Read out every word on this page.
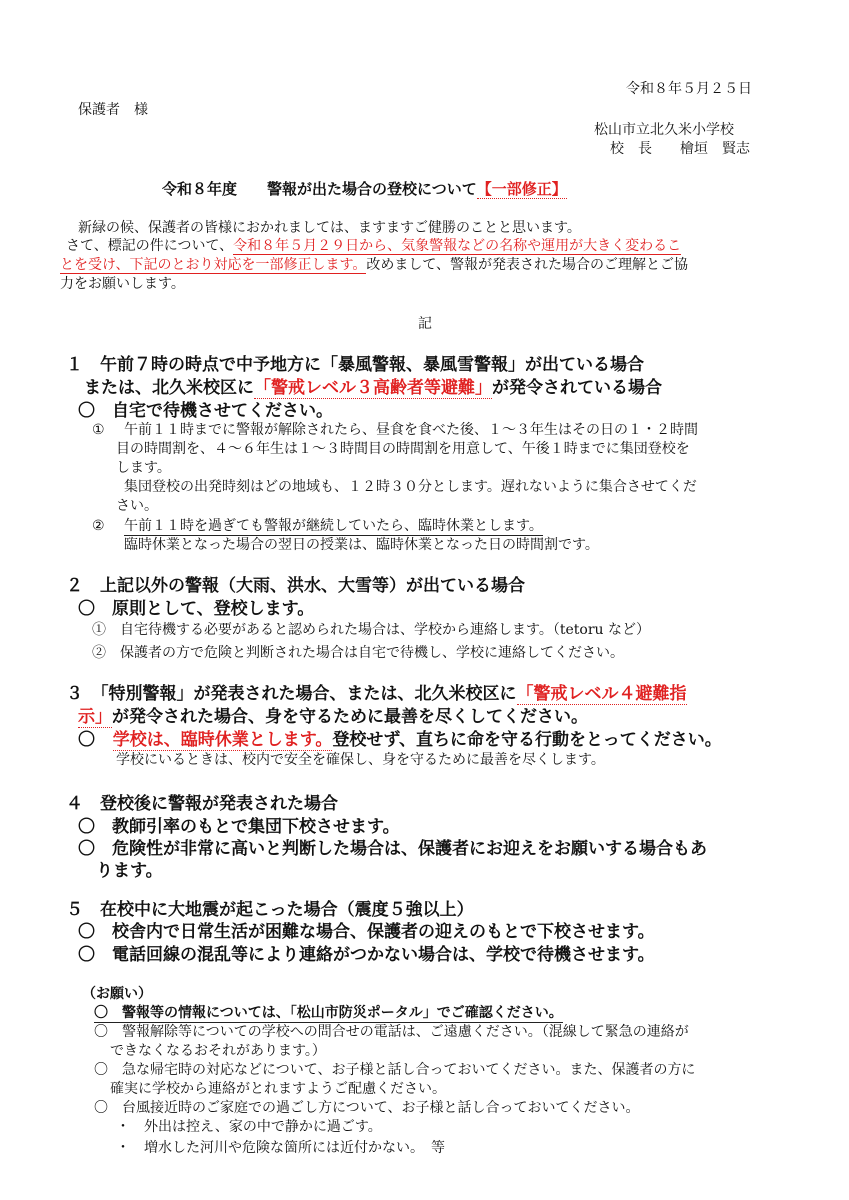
令和８年５月２５日
保護者　様
松山市立北久米小学校
校　長　　檜垣　賢志
令和８年度　　警報が出た場合の登校について【一部修正】
新緑の候、保護者の皆様におかれましては、ますますご健勝のことと思います。
さて、標記の件について、令和８年５月２９日から、気象警報などの名称や運用が大きく変わるこ
とを受け、下記のとおり対応を一部修正します。改めまして、警報が発表された場合のご理解とご協
力をお願いします。
記
１　午前７時の時点で中予地方に「暴風警報、暴風雪警報」が出ている場合
または、北久米校区に「警戒レベル３高齢者等避難」が発令されている場合
〇　自宅で待機させてください。
① 午前１１時までに警報が解除されたら、昼食を食べた後、１～３年生はその日の１・２時間
目の時間割を、４～６年生は１～３時間目の時間割を用意して、午後１時までに集団登校を
します。
集団登校の出発時刻はどの地域も、１２時３０分とします。遅れないように集合させてくだ
さい。
② 午前１１時を過ぎても警報が継続していたら、臨時休業とします。
臨時休業となった場合の翌日の授業は、臨時休業となった日の時間割です。
２　上記以外の警報（大雨、洪水、大雪等）が出ている場合
〇　原則として、登校します。
①　自宅待機する必要があると認められた場合は、学校から連絡します。（tetoru など）
②　保護者の方で危険と判断された場合は自宅で待機し、学校に連絡してください。
３　「特別警報」が発表された場合、または、北久米校区に「警戒レベル４避難指
示」が発令された場合、身を守るために最善を尽くしてください。
〇 学校は、臨時休業とします。登校せず、直ちに命を守る行動をとってください。
学校にいるときは、校内で安全を確保し、身を守るために最善を尽くします。
４　登校後に警報が発表された場合
〇　教師引率のもとで集団下校させます。
〇　危険性が非常に高いと判断した場合は、保護者にお迎えをお願いする場合もあ
ります。
５　在校中に大地震が起こった場合（震度５強以上）
〇　校舎内で日常生活が困難な場合、保護者の迎えのもとで下校させます。
〇　電話回線の混乱等により連絡がつかない場合は、学校で待機させます。
（お願い）
〇　警報等の情報については、「松山市防災ポータル」でご確認ください。
〇　警報解除等についての学校への問合せの電話は、ご遠慮ください。（混線して緊急の連絡が
できなくなるおそれがあります。）
〇　急な帰宅時の対応などについて、お子様と話し合っておいてください。また、保護者の方に
確実に学校から連絡がとれますようご配慮ください。
〇　台風接近時のご家庭での過ごし方について、お子様と話し合っておいてください。
・　外出は控え、家の中で静かに過ごす。
・　増水した河川や危険な箇所には近付かない。　等
